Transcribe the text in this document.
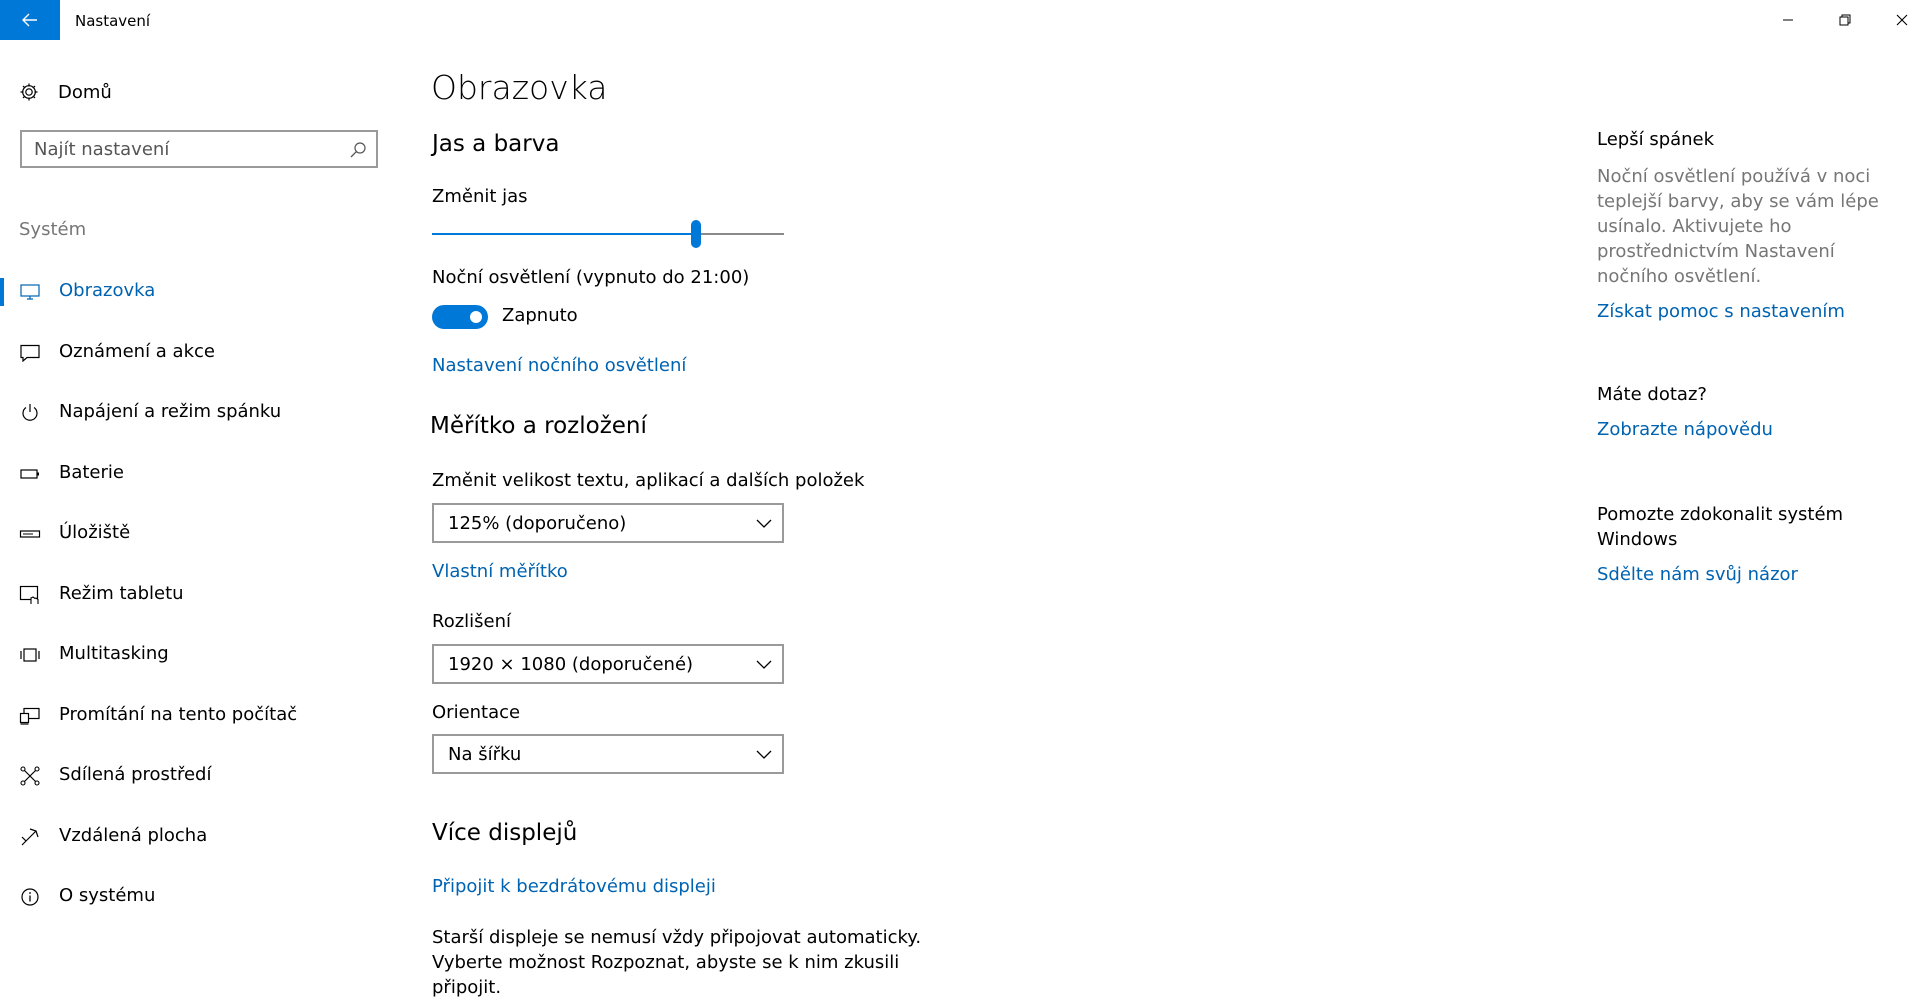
Nastavení
Domů
Najít nastavení
Systém
Obrazovka
Oznámení a akce
Napájení a režim spánku
Baterie
Úložiště
Režim tabletu
Multitasking
Promítání na tento počítač
Sdílená prostředí
Vzdálená plocha
O systému
Obrazovka
Jas a barva
Změnit jas
Noční osvětlení (vypnuto do 21:00)
Zapnuto
Nastavení nočního osvětlení
Měřítko a rozložení
Změnit velikost textu, aplikací a dalších položek
125% (doporučeno)
Vlastní měřítko
Rozlišení
1920 × 1080 (doporučené)
Orientace
Na šířku
Více displejů
Připojit k bezdrátovému displeji
Starší displeje se nemusí vždy připojovat automaticky. Vyberte možnost Rozpoznat, abyste se k nim zkusili připojit.
Lepší spánek
Noční osvětlení používá v noci teplejší barvy, aby se vám lépe usínalo. Aktivujete ho prostřednictvím Nastavení nočního osvětlení.
Získat pomoc s nastavením
Máte dotaz?
Zobrazte nápovědu
Pomozte zdokonalit systém Windows
Sdělte nám svůj názor
